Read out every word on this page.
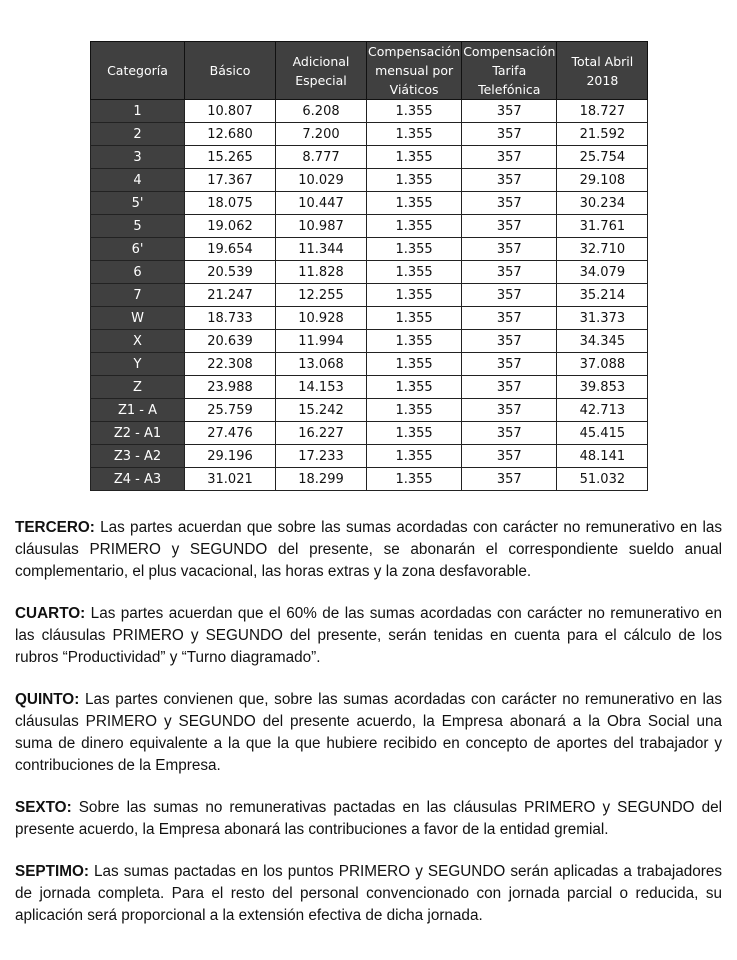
Categoría	Básico	Adicional Especial	Compensación mensual por Viáticos	Compensación Tarifa Telefónica	Total Abril 2018
1	10.807	6.208	1.355	357	18.727
2	12.680	7.200	1.355	357	21.592
3	15.265	8.777	1.355	357	25.754
4	17.367	10.029	1.355	357	29.108
5'	18.075	10.447	1.355	357	30.234
5	19.062	10.987	1.355	357	31.761
6'	19.654	11.344	1.355	357	32.710
6	20.539	11.828	1.355	357	34.079
7	21.247	12.255	1.355	357	35.214
W	18.733	10.928	1.355	357	31.373
X	20.639	11.994	1.355	357	34.345
Y	22.308	13.068	1.355	357	37.088
Z	23.988	14.153	1.355	357	39.853
Z1 - A	25.759	15.242	1.355	357	42.713
Z2 - A1	27.476	16.227	1.355	357	45.415
Z3 - A2	29.196	17.233	1.355	357	48.141
Z4 - A3	31.021	18.299	1.355	357	51.032

TERCERO: Las partes acuerdan que sobre las sumas acordadas con carácter no remunerativo en las cláusulas PRIMERO y SEGUNDO del presente, se abonarán el correspondiente sueldo anual complementario, el plus vacacional, las horas extras y la zona desfavorable.

CUARTO: Las partes acuerdan que el 60% de las sumas acordadas con carácter no remunerativo en las cláusulas PRIMERO y SEGUNDO del presente, serán tenidas en cuenta para el cálculo de los rubros “Productividad” y “Turno diagramado”.

QUINTO: Las partes convienen que, sobre las sumas acordadas con carácter no remunerativo en las cláusulas PRIMERO y SEGUNDO del presente acuerdo, la Empresa abonará a la Obra Social una suma de dinero equivalente a la que la que hubiere recibido en concepto de aportes del trabajador y contribuciones de la Empresa.

SEXTO: Sobre las sumas no remunerativas pactadas en las cláusulas PRIMERO y SEGUNDO del presente acuerdo, la Empresa abonará las contribuciones a favor de la entidad gremial.

SEPTIMO: Las sumas pactadas en los puntos PRIMERO y SEGUNDO serán aplicadas a trabajadores de jornada completa. Para el resto del personal convencionado con jornada parcial o reducida, su aplicación será proporcional a la extensión efectiva de dicha jornada.
